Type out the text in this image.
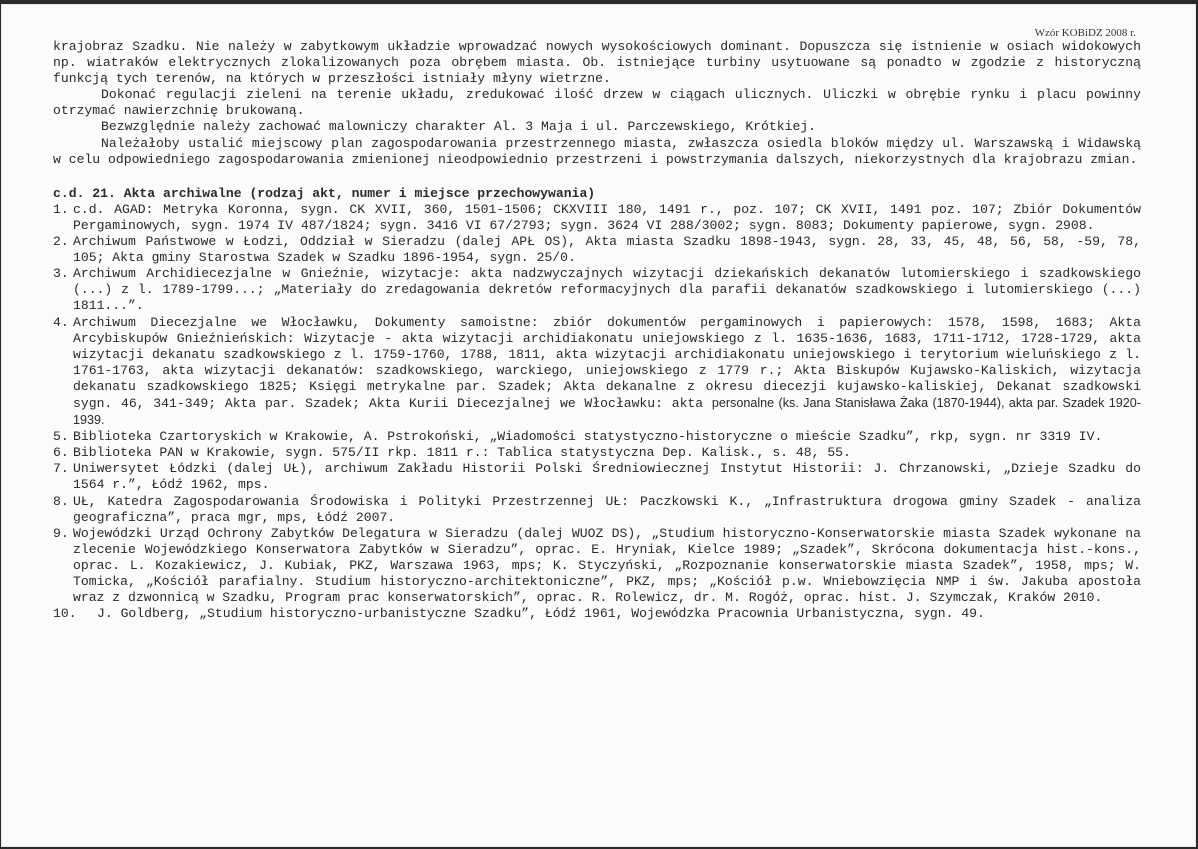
Wzór KOBiDZ 2008 r.

krajobraz Szadku. Nie należy w zabytkowym układzie wprowadzać nowych wysokościowych dominant. Dopuszcza się istnienie w osiach widokowych np. wiatraków elektrycznych zlokalizowanych poza obrębem miasta. Ob. istniejące turbiny usytuowane są ponadto w zgodzie z historyczną funkcją tych terenów, na których w przeszłości istniały młyny wietrzne.

Dokonać regulacji zieleni na terenie układu, zredukować ilość drzew w ciągach ulicznych. Uliczki w obrębie rynku i placu powinny otrzymać nawierzchnię brukowaną.

Bezwzględnie należy zachować malowniczy charakter Al. 3 Maja i ul. Parczewskiego, Krótkiej.

Należałoby ustalić miejscowy plan zagospodarowania przestrzennego miasta, zwłaszcza osiedla bloków między ul. Warszawską i Widawską w celu odpowiedniego zagospodarowania zmienionej nieodpowiednio przestrzeni i powstrzymania dalszych, niekorzystnych dla krajobrazu zmian.

c.d. 21. Akta archiwalne (rodzaj akt, numer i miejsce przechowywania)

1. c.d. AGAD: Metryka Koronna, sygn. CK XVII, 360, 1501-1506; CKXVIII 180, 1491 r., poz. 107; CK XVII, 1491 poz. 107; Zbiór Dokumentów Pergaminowych, sygn. 1974 IV 487/1824; sygn. 3416 VI 67/2793; sygn. 3624 VI 288/3002; sygn. 8083; Dokumenty papierowe, sygn. 2908.
2. Archiwum Państwowe w Łodzi, Oddział w Sieradzu (dalej APŁ OS), Akta miasta Szadku 1898-1943, sygn. 28, 33, 45, 48, 56, 58, -59, 78, 105; Akta gminy Starostwa Szadek w Szadku 1896-1954, sygn. 25/0.
3. Archiwum Archidiecezjalne w Gnieźnie, wizytacje: akta nadzwyczajnych wizytacji dziekańskich dekanatów lutomierskiego i szadkowskiego (...) z l. 1789-1799...; „Materiały do zredagowania dekretów reformacyjnych dla parafii dekanatów szadkowskiego i lutomierskiego (...) 1811...”.
4. Archiwum Diecezjalne we Włocławku, Dokumenty samoistne: zbiór dokumentów pergaminowych i papierowych: 1578, 1598, 1683; Akta Arcybiskupów Gnieźnieńskich: Wizytacje - akta wizytacji archidiakonatu uniejowskiego z l. 1635-1636, 1683, 1711-1712, 1728-1729, akta wizytacji dekanatu szadkowskiego z l. 1759-1760, 1788, 1811, akta wizytacji archidiakonatu uniejowskiego i terytorium wieluńskiego z l. 1761-1763, akta wizytacji dekanatów: szadkowskiego, warckiego, uniejowskiego z 1779 r.; Akta Biskupów Kujawsko-Kaliskich, wizytacja dekanatu szadkowskiego 1825; Księgi metrykalne par. Szadek; Akta dekanalne z okresu diecezji kujawsko-kaliskiej, Dekanat szadkowski sygn. 46, 341-349; Akta par. Szadek; Akta Kurii Diecezjalnej we Włocławku: akta personalne (ks. Jana Stanisława Żaka (1870-1944), akta par. Szadek 1920-1939.
5. Biblioteka Czartoryskich w Krakowie, A. Pstrokoński, „Wiadomości statystyczno-historyczne o mieście Szadku”, rkp, sygn. nr 3319 IV.
6. Biblioteka PAN w Krakowie, sygn. 575/II rkp. 1811 r.: Tablica statystyczna Dep. Kalisk., s. 48, 55.
7. Uniwersytet Łódzki (dalej UŁ), archiwum Zakładu Historii Polski Średniowiecznej Instytut Historii: J. Chrzanowski, „Dzieje Szadku do 1564 r.”, Łódź 1962, mps.
8. UŁ, Katedra Zagospodarowania Środowiska i Polityki Przestrzennej UŁ: Paczkowski K., „Infrastruktura drogowa gminy Szadek - analiza geograficzna”, praca mgr, mps, Łódź 2007.
9. Wojewódzki Urząd Ochrony Zabytków Delegatura w Sieradzu (dalej WUOZ DS), „Studium historyczno-Konserwatorskie miasta Szadek wykonane na zlecenie Wojewódzkiego Konserwatora Zabytków w Sieradzu”, oprac. E. Hryniak, Kielce 1989; „Szadek”, Skrócona dokumentacja hist.-kons., oprac. L. Kozakiewicz, J. Kubiak, PKZ, Warszawa 1963, mps; K. Styczyński, „Rozpoznanie konserwatorskie miasta Szadek”, 1958, mps; W. Tomicka, „Kościół parafialny. Studium historyczno-architektoniczne”, PKZ, mps; „Kościół p.w. Wniebowzięcia NMP i św. Jakuba apostoła wraz z dzwonnicą w Szadku, Program prac konserwatorskich”, oprac. R. Rolewicz, dr. M. Rogóż, oprac. hist. J. Szymczak, Kraków 2010.
10.	J. Goldberg, „Studium historyczno-urbanistyczne Szadku”, Łódź 1961, Wojewódzka Pracownia Urbanistyczna, sygn. 49.
